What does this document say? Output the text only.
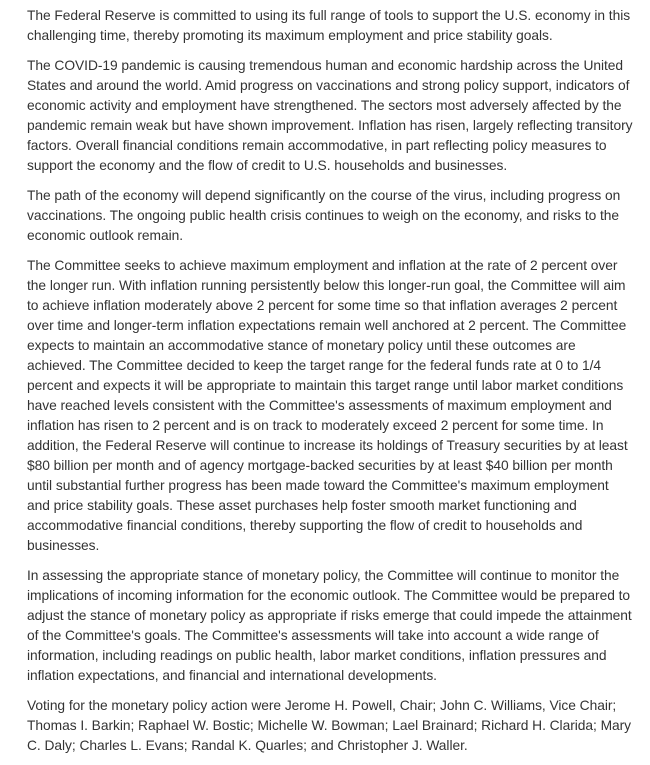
The Federal Reserve is committed to using its full range of tools to support the U.S. economy in this challenging time, thereby promoting its maximum employment and price stability goals.

The COVID-19 pandemic is causing tremendous human and economic hardship across the United States and around the world. Amid progress on vaccinations and strong policy support, indicators of economic activity and employment have strengthened. The sectors most adversely affected by the pandemic remain weak but have shown improvement. Inflation has risen, largely reflecting transitory factors. Overall financial conditions remain accommodative, in part reflecting policy measures to support the economy and the flow of credit to U.S. households and businesses.

The path of the economy will depend significantly on the course of the virus, including progress on vaccinations. The ongoing public health crisis continues to weigh on the economy, and risks to the economic outlook remain.

The Committee seeks to achieve maximum employment and inflation at the rate of 2 percent over the longer run. With inflation running persistently below this longer-run goal, the Committee will aim to achieve inflation moderately above 2 percent for some time so that inflation averages 2 percent over time and longer-term inflation expectations remain well anchored at 2 percent. The Committee expects to maintain an accommodative stance of monetary policy until these outcomes are achieved. The Committee decided to keep the target range for the federal funds rate at 0 to 1/4 percent and expects it will be appropriate to maintain this target range until labor market conditions have reached levels consistent with the Committee's assessments of maximum employment and inflation has risen to 2 percent and is on track to moderately exceed 2 percent for some time. In addition, the Federal Reserve will continue to increase its holdings of Treasury securities by at least $80 billion per month and of agency mortgage-backed securities by at least $40 billion per month until substantial further progress has been made toward the Committee's maximum employment and price stability goals. These asset purchases help foster smooth market functioning and accommodative financial conditions, thereby supporting the flow of credit to households and businesses.

In assessing the appropriate stance of monetary policy, the Committee will continue to monitor the implications of incoming information for the economic outlook. The Committee would be prepared to adjust the stance of monetary policy as appropriate if risks emerge that could impede the attainment of the Committee's goals. The Committee's assessments will take into account a wide range of information, including readings on public health, labor market conditions, inflation pressures and inflation expectations, and financial and international developments.

Voting for the monetary policy action were Jerome H. Powell, Chair; John C. Williams, Vice Chair; Thomas I. Barkin; Raphael W. Bostic; Michelle W. Bowman; Lael Brainard; Richard H. Clarida; Mary C. Daly; Charles L. Evans; Randal K. Quarles; and Christopher J. Waller.
